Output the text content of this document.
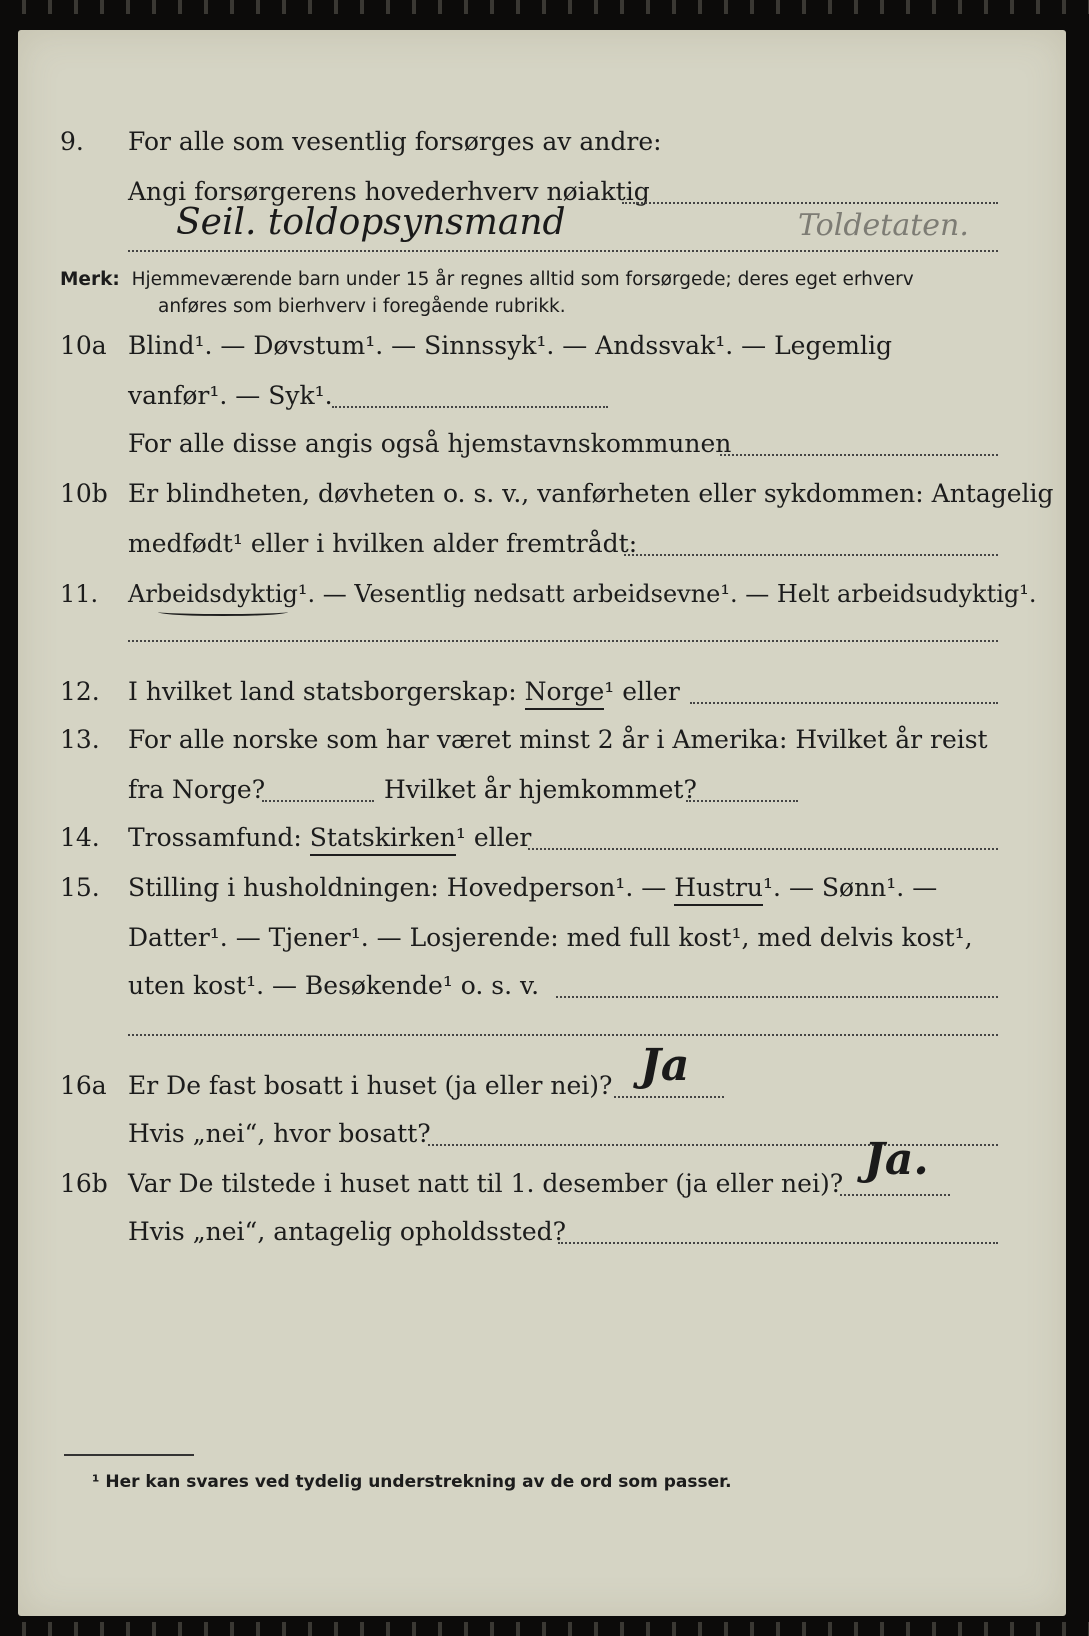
9. For alle som vesentlig forsørges av andre:
Angi forsørgerens hovederhverv nøiaktig
Seil. toldopsynsmand	Toldetaten.
Merk: Hjemmeværende barn under 15 år regnes alltid som forsørgede; deres eget erhverv
anføres som bierhverv i foregående rubrikk.
10a Blind¹. — Døvstum¹. — Sinnssyk¹. — Andssvak¹. — Legemlig
vanfør¹. — Syk¹.
For alle disse angis også hjemstavnskommunen
10b Er blindheten, døvheten o. s. v., vanførheten eller sykdommen: Antagelig
medfødt¹ eller i hvilken alder fremtrådt:
11. Arbeidsdyktig¹. — Vesentlig nedsatt arbeidsevne¹. — Helt arbeidsudyktig¹.
12. I hvilket land statsborgerskap: Norge¹ eller
13. For alle norske som har været minst 2 år i Amerika: Hvilket år reist
fra Norge?	Hvilket år hjemkommet?
14. Trossamfund: Statskirken¹ eller
15. Stilling i husholdningen: Hovedperson¹. — Hustru¹. — Sønn¹. —
Datter¹. — Tjener¹. — Losjerende: med full kost¹, med delvis kost¹,
uten kost¹. — Besøkende¹ o. s. v.
16a Er De fast bosatt i huset (ja eller nei)? Ja
Hvis „nei“, hvor bosatt?
16b Var De tilstede i huset natt til 1. desember (ja eller nei)? Ja.
Hvis „nei“, antagelig opholdssted?
¹ Her kan svares ved tydelig understrekning av de ord som passer.
